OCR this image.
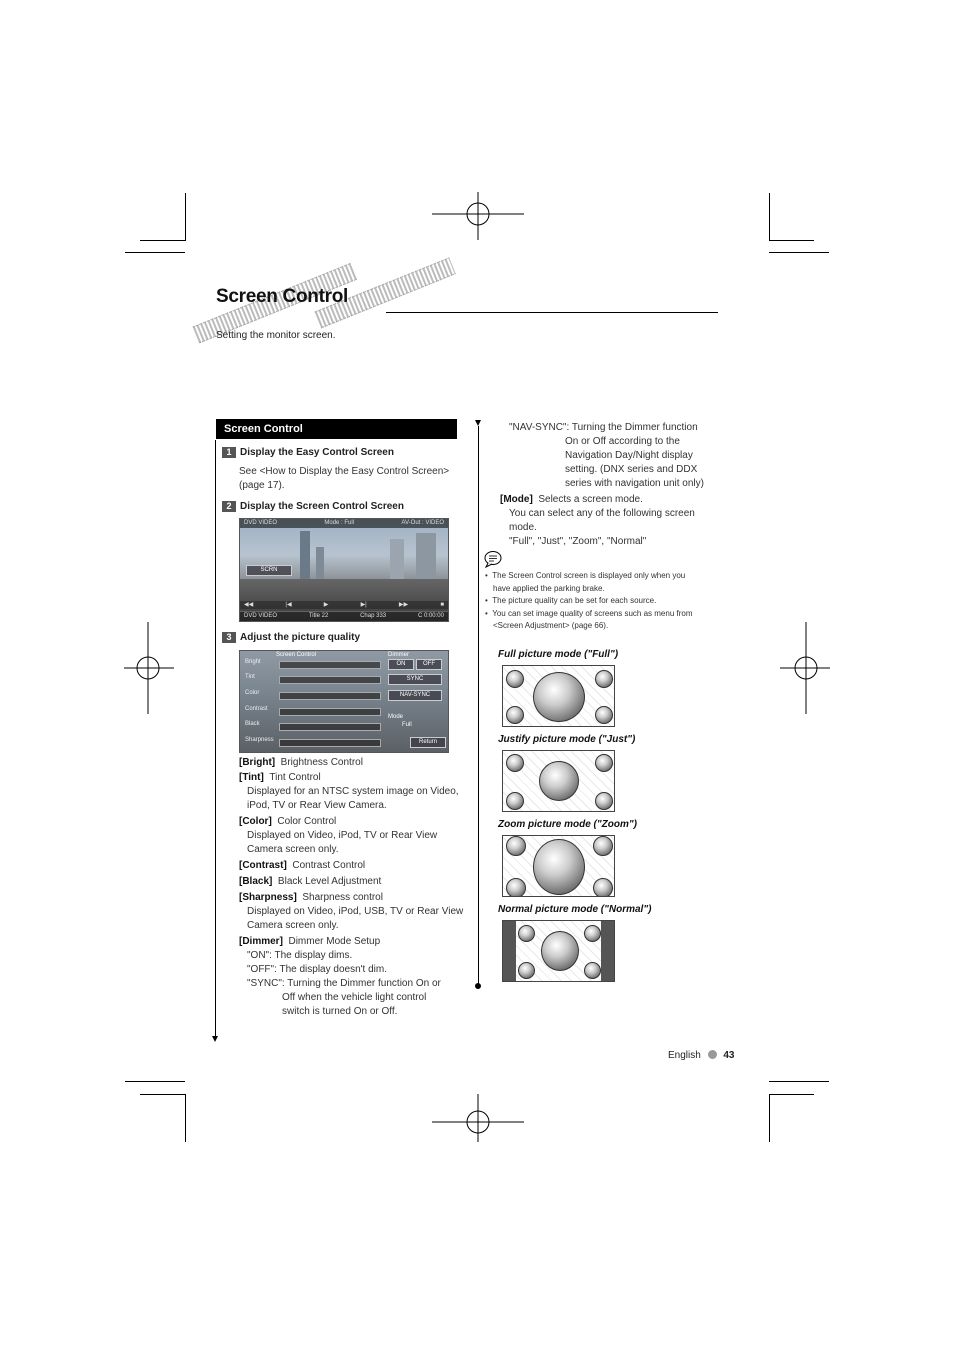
Screen Control
Setting the monitor screen.
Screen Control
1 Display the Easy Control Screen
See <How to Display the Easy Control Screen>
(page 17).
2 Display the Screen Control Screen
DVD VIDEO	Mode : Full	AV-Out : VIDEO
SCRN
◀◀	|◀	▶	▶|	▶▶	■
DVD VIDEO	Title 22	Chap 333	C 0:00:00
3 Adjust the picture quality
Screen Control
Bright
Tint
Color
Contrast
Black
Sharpness
Dimmer
ON	OFF
SYNC
NAV-SYNC
Mode
Full
Return
[Bright] Brightness Control
[Tint] Tint Control
Displayed for an NTSC system image on Video,
iPod, TV or Rear View Camera.
[Color] Color Control
Displayed on Video, iPod, TV or Rear View
Camera screen only.
[Contrast] Contrast Control
[Black] Black Level Adjustment
[Sharpness] Sharpness control
Displayed on Video, iPod, USB, TV or Rear View
Camera screen only.
[Dimmer] Dimmer Mode Setup
"ON": The display dims.
"OFF": The display doesn't dim.
"SYNC": Turning the Dimmer function On or
Off when the vehicle light control
switch is turned On or Off.
"NAV-SYNC": Turning the Dimmer function
On or Off according to the
Navigation Day/Night display
setting. (DNX series and DDX
series with navigation unit only)
[Mode] Selects a screen mode.
You can select any of the following screen
mode.
"Full", "Just", "Zoom", "Normal"
•  The Screen Control screen is displayed only when you
have applied the parking brake.
•  The picture quality can be set for each source.
•  You can set image quality of screens such as menu from
<Screen Adjustment> (page 66).
Full picture mode ("Full")
Justify picture mode ("Just")
Zoom picture mode ("Zoom")
Normal picture mode ("Normal")
English 43
